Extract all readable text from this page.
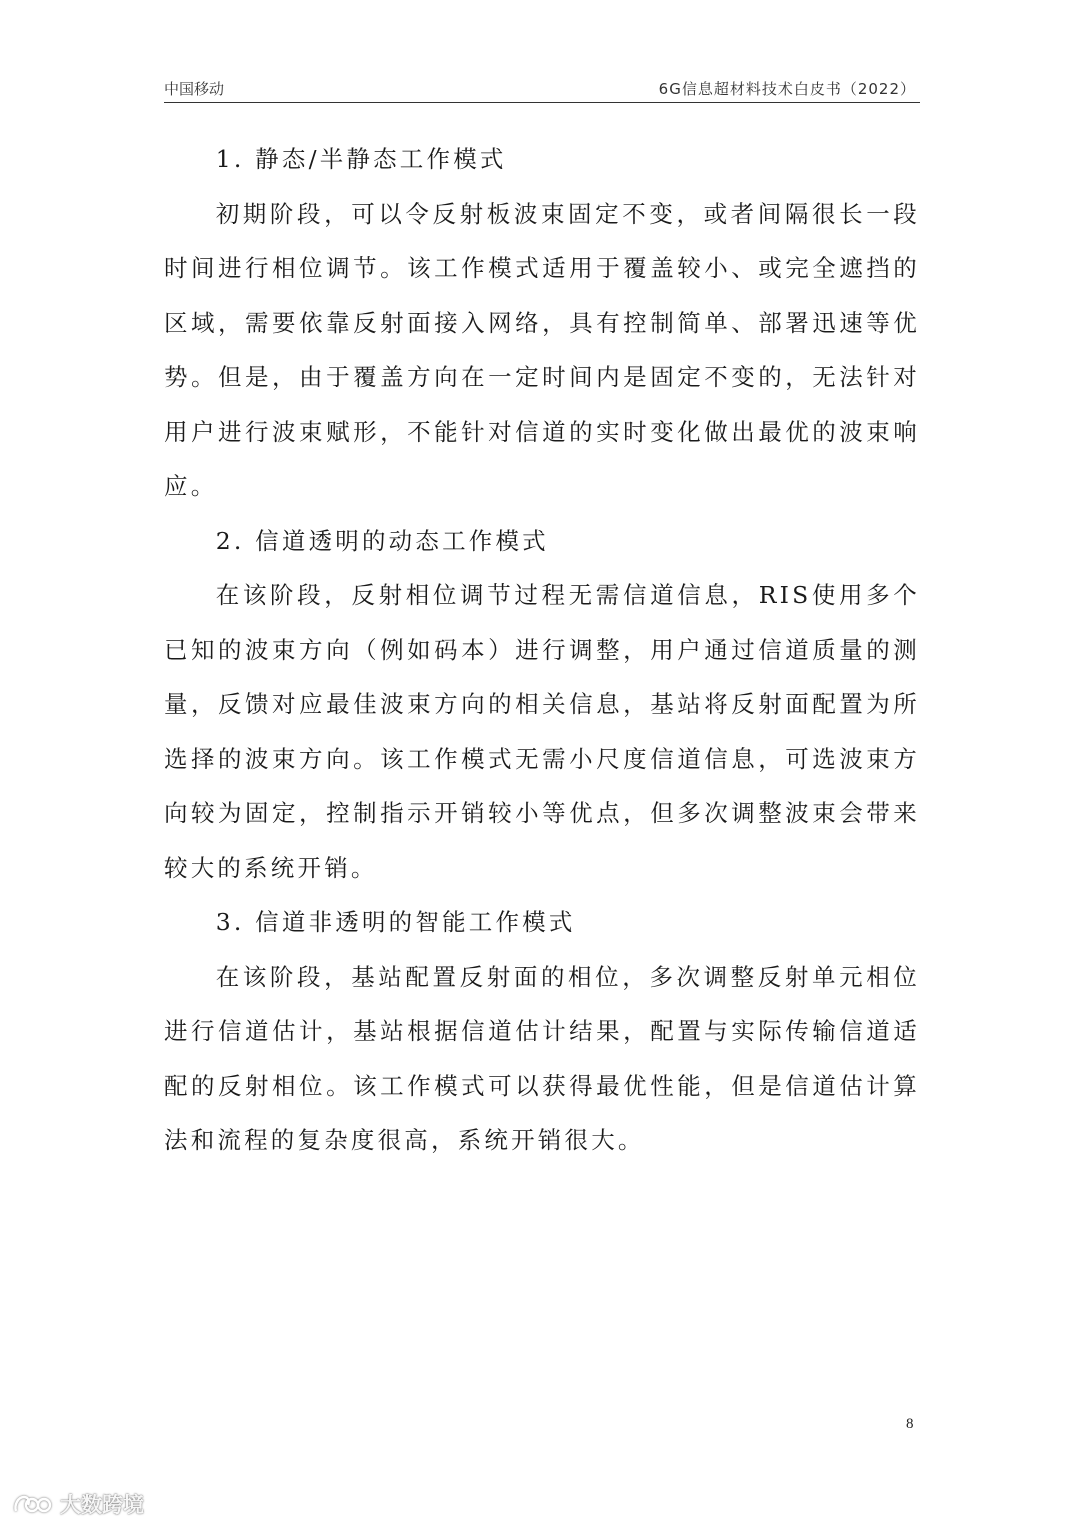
中国移动	6G信息超材料技术白皮书（2022）

1. 静态/半静态工作模式

初期阶段，可以令反射板波束固定不变，或者间隔很长一段时间进行相位调节。该工作模式适用于覆盖较小、或完全遮挡的区域，需要依靠反射面接入网络，具有控制简单、部署迅速等优势。但是，由于覆盖方向在一定时间内是固定不变的，无法针对用户进行波束赋形，不能针对信道的实时变化做出最优的波束响应。

2. 信道透明的动态工作模式

在该阶段，反射相位调节过程无需信道信息，RIS使用多个已知的波束方向（例如码本）进行调整，用户通过信道质量的测量，反馈对应最佳波束方向的相关信息，基站将反射面配置为所选择的波束方向。该工作模式无需小尺度信道信息，可选波束方向较为固定，控制指示开销较小等优点，但多次调整波束会带来较大的系统开销。

3. 信道非透明的智能工作模式

在该阶段，基站配置反射面的相位，多次调整反射单元相位进行信道估计，基站根据信道估计结果，配置与实际传输信道适配的反射相位。该工作模式可以获得最优性能，但是信道估计算法和流程的复杂度很高，系统开销很大。

8
大数跨境
